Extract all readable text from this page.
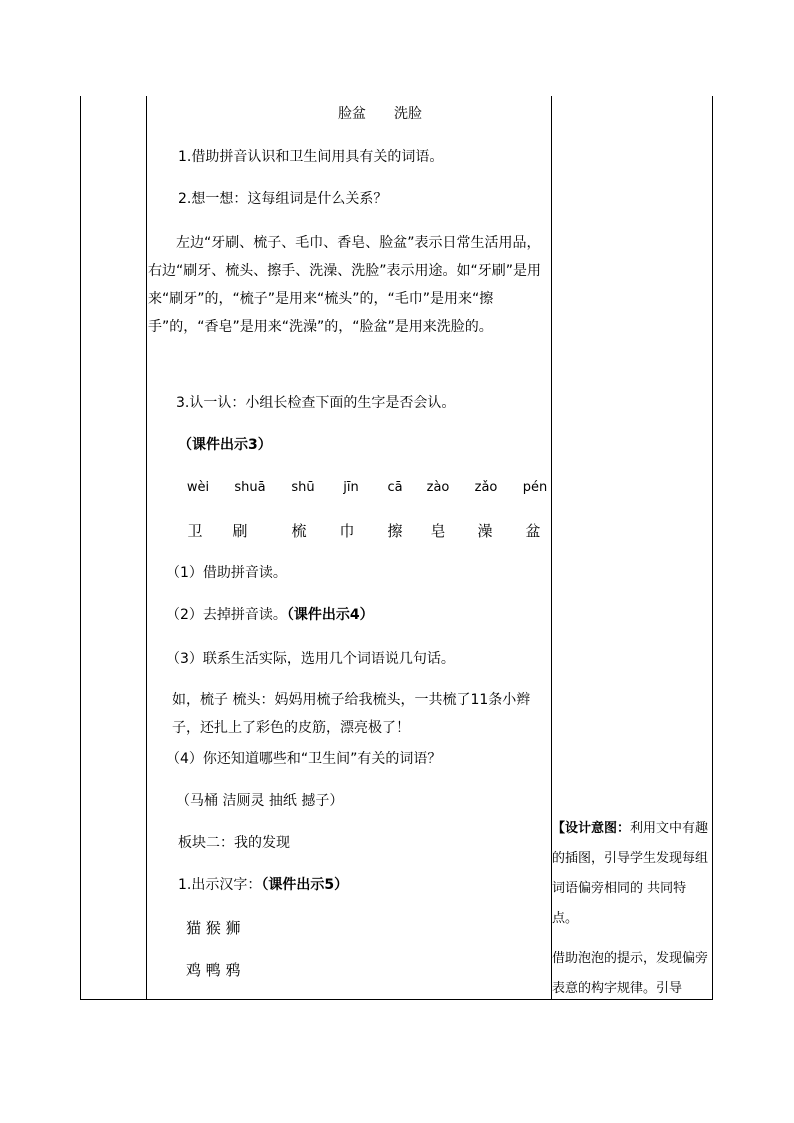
脸盆 洗脸
1.借助拼音认识和卫生间用具有关的词语。
2.想一想：这每组词是什么关系？
左边“牙刷、梳子、毛巾、香皂、脸盆”表示日常生活用品，右边“刷牙、梳头、擦手、洗澡、洗脸”表示用途。如“牙刷”是用来“刷牙”的，“梳子”是用来“梳头”的，“毛巾”是用来“擦手”的，“香皂”是用来“洗澡”的，“脸盆”是用来洗脸的。
3.认一认：小组长检查下面的生字是否会认。
（课件出示3）
wèi shuā shū jīn cā zào zǎo pén
卫 刷	梳 巾 擦 皂 澡 盆
（1）借助拼音读。
（2）去掉拼音读。（课件出示4）
（3）联系生活实际，选用几个词语说几句话。
如，梳子 梳头：妈妈用梳子给我梳头，一共梳了11条小辫子，还扎上了彩色的皮筋，漂亮极了！
（4）你还知道哪些和“卫生间”有关的词语？
（马桶 洁厕灵 抽纸 撼子）
板块二：我的发现
1.出示汉字：（课件出示5）
猫 猴 狮
鸡 鸭 鸦
【设计意图：利用文中有趣的插图，引导学生发现每组词语偏旁相同的 共同特点。
借助泡泡的提示，发现偏旁表意的构字规律。引导
